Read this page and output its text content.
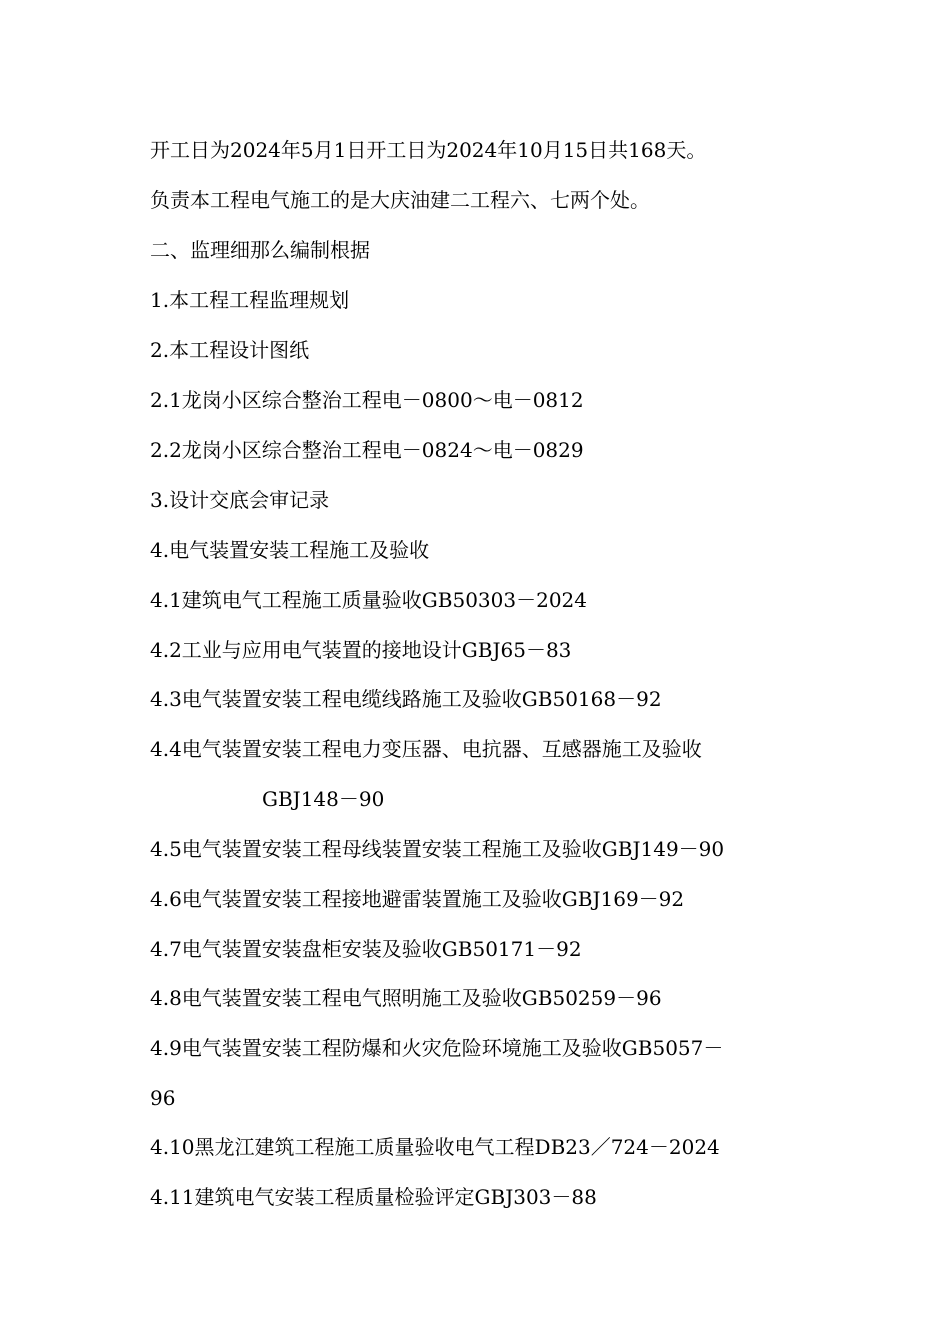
开工日为2024年5月1日开工日为2024年10月15日共168天。
负责本工程电气施工的是大庆油建二工程六、七两个处。
二、监理细那么编制根据
1.本工程工程监理规划
2.本工程设计图纸
2.1龙岗小区综合整治工程电－0800～电－0812
2.2龙岗小区综合整治工程电－0824～电－0829
3.设计交底会审记录
4.电气装置安装工程施工及验收
4.1建筑电气工程施工质量验收GB50303－2024
4.2工业与应用电气装置的接地设计GBJ65－83
4.3电气装置安装工程电缆线路施工及验收GB50168－92
4.4电气装置安装工程电力变压器、电抗器、互感器施工及验收
GBJ148－90
4.5电气装置安装工程母线装置安装工程施工及验收GBJ149－90
4.6电气装置安装工程接地避雷装置施工及验收GBJ169－92
4.7电气装置安装盘柜安装及验收GB50171－92
4.8电气装置安装工程电气照明施工及验收GB50259－96
4.9电气装置安装工程防爆和火灾危险环境施工及验收GB5057－
96
4.10黑龙江建筑工程施工质量验收电气工程DB23／724－2024
4.11建筑电气安装工程质量检验评定GBJ303－88
